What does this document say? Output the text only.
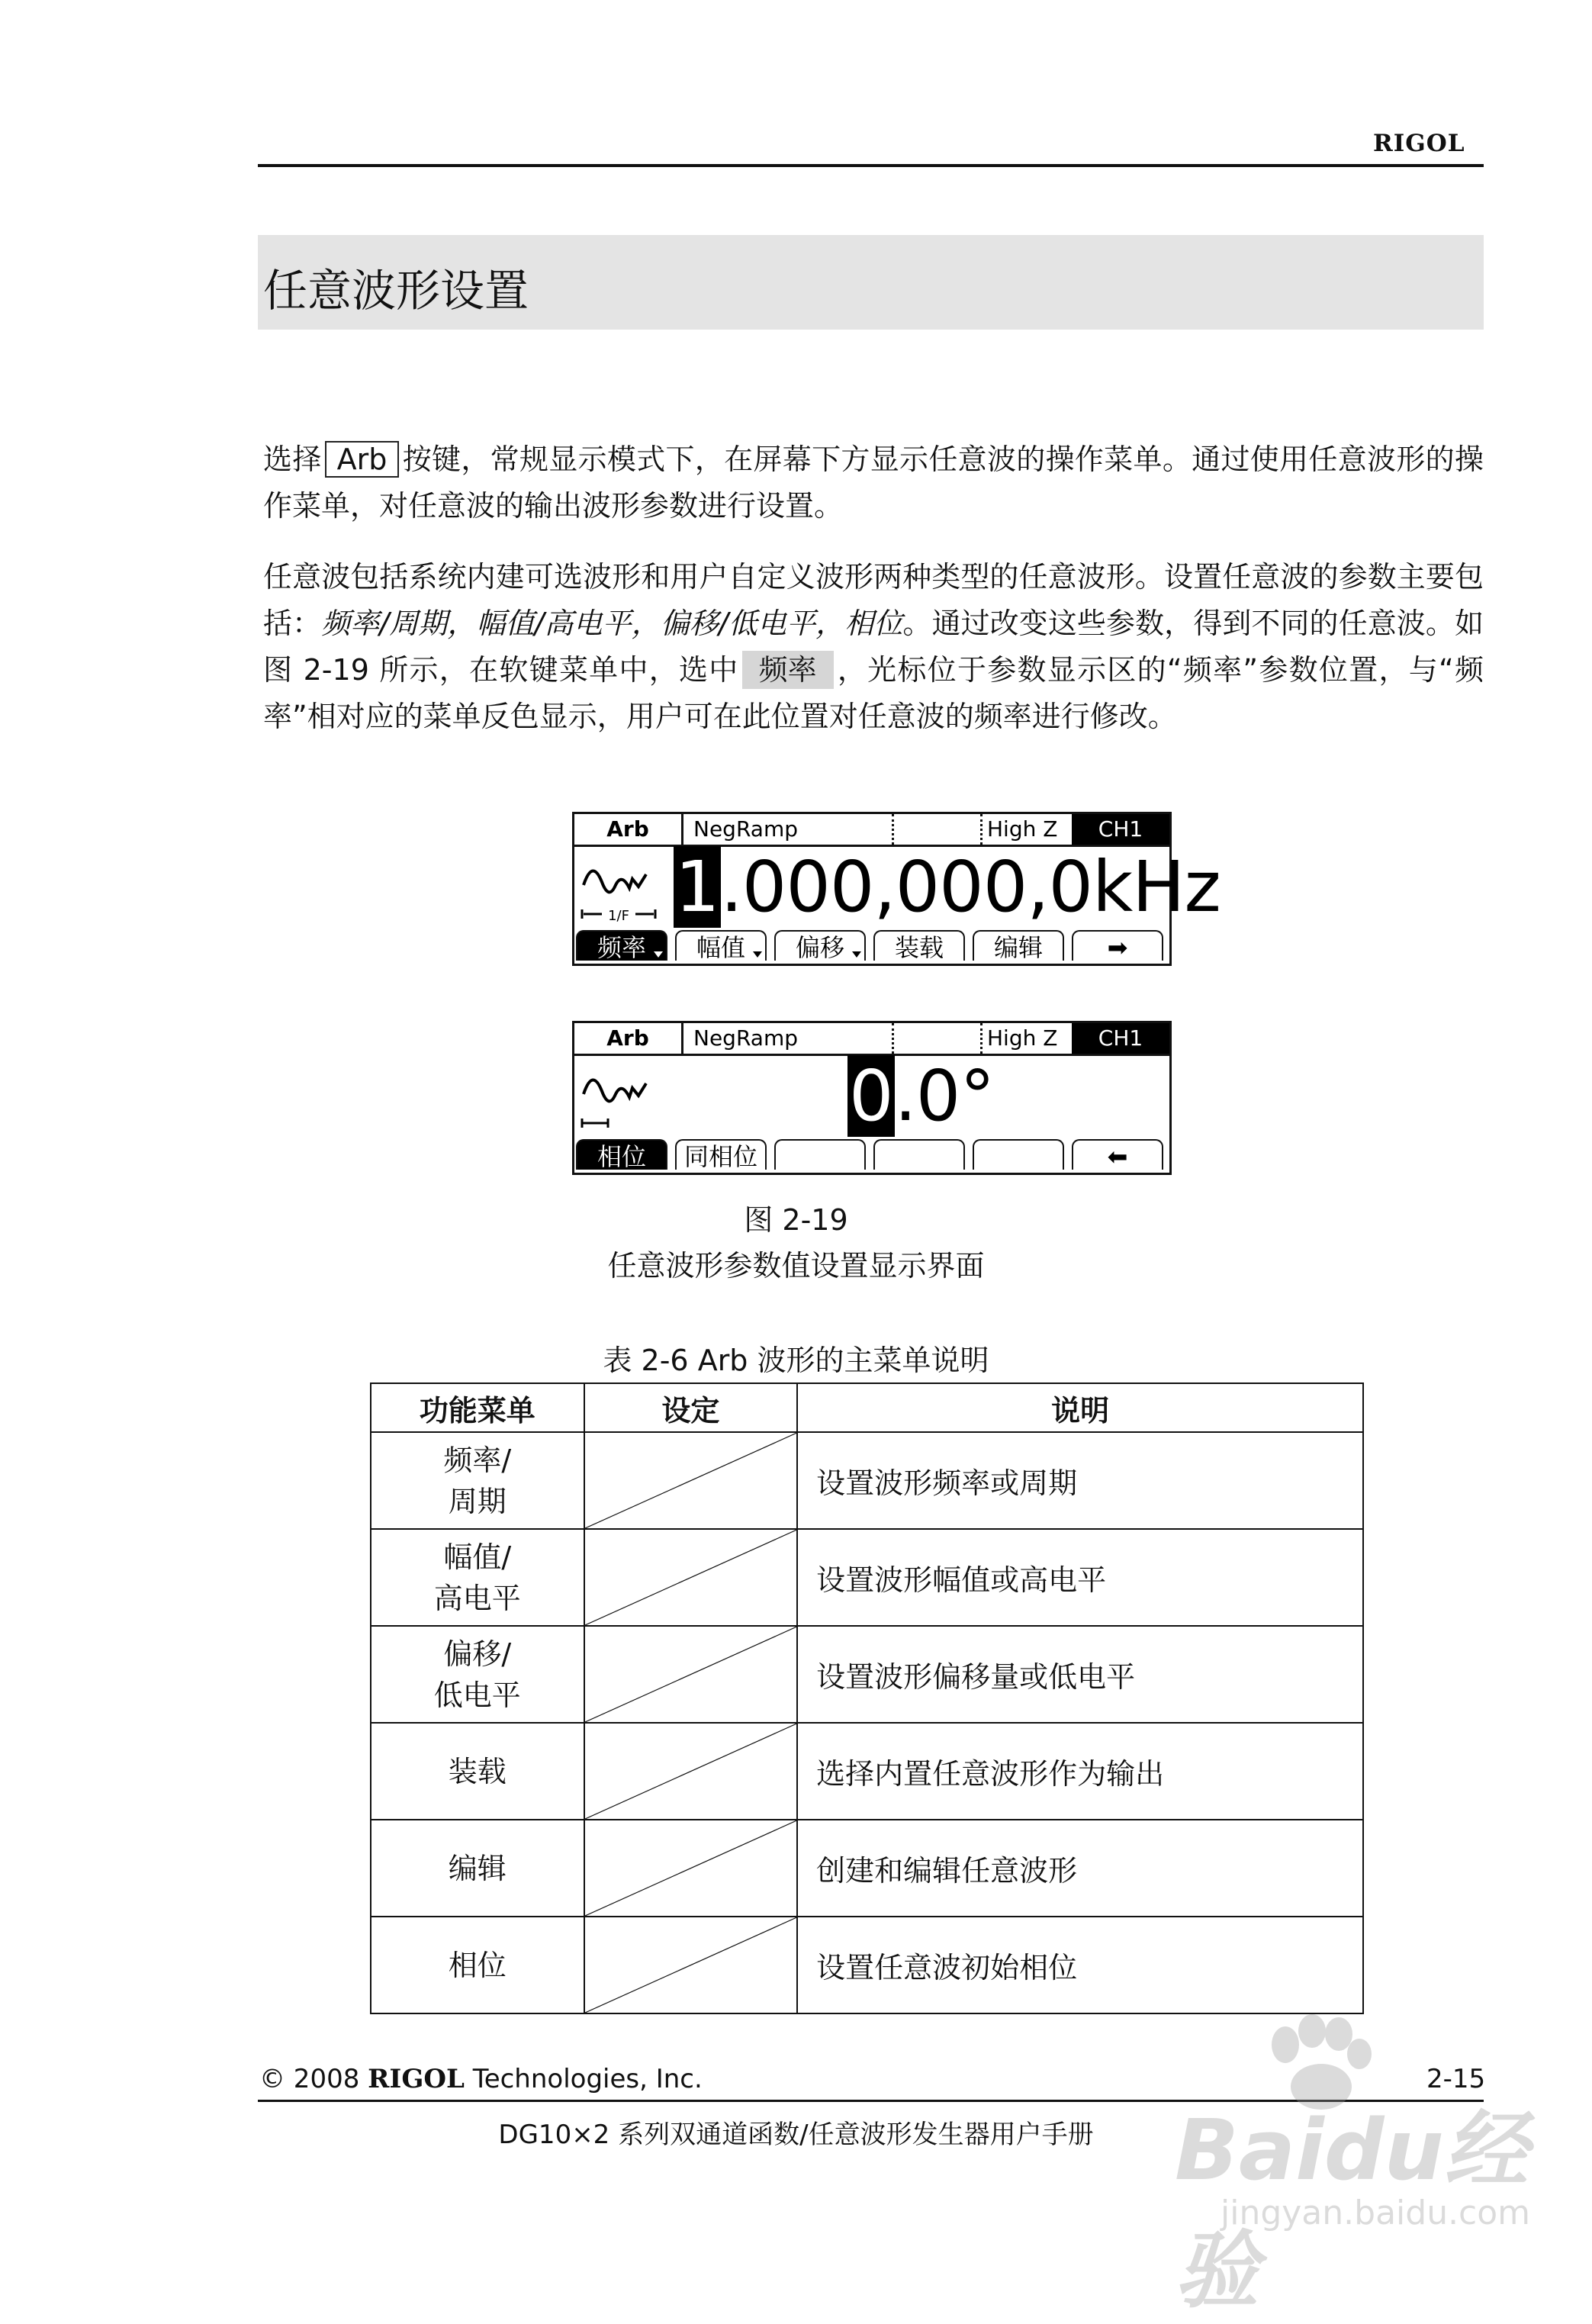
RIGOL
任意波形设置

选择 Arb 按键，常规显示模式下，在屏幕下方显示任意波的操作菜单。通过使用任意波形的操作菜单，对任意波的输出波形参数进行设置。

任意波包括系统内建可选波形和用户自定义波形两种类型的任意波形。设置任意波的参数主要包括：频率/周期，幅值/高电平，偏移/低电平，相位。通过改变这些参数，得到不同的任意波。如图 2-19 所示，在软键菜单中，选中 频率 ，光标位于参数显示区的“频率”参数位置，与“频率”相对应的菜单反色显示，用户可在此位置对任意波的频率进行修改。

Arb	NegRamp	High Z	CH1
1/F 1.000,000,0kHz
频率	幅值	偏移	装载	编辑	➡
Arb	NegRamp	High Z	CH1
0.0°
相位	同相位	⬅
图 2-19
任意波形参数值设置显示界面
表 2-6 Arb 波形的主菜单说明
功能菜单	设定	说明
频率/
周期		设置波形频率或周期
幅值/
高电平		设置波形幅值或高电平
偏移/
低电平		设置波形偏移量或低电平
装载		选择内置任意波形作为输出
编辑		创建和编辑任意波形
相位		设置任意波初始相位
© 2008 RIGOL Technologies, Inc.	2-15
DG10×2 系列双通道函数/任意波形发生器用户手册 Baidu经验
jingyan.baidu.com
